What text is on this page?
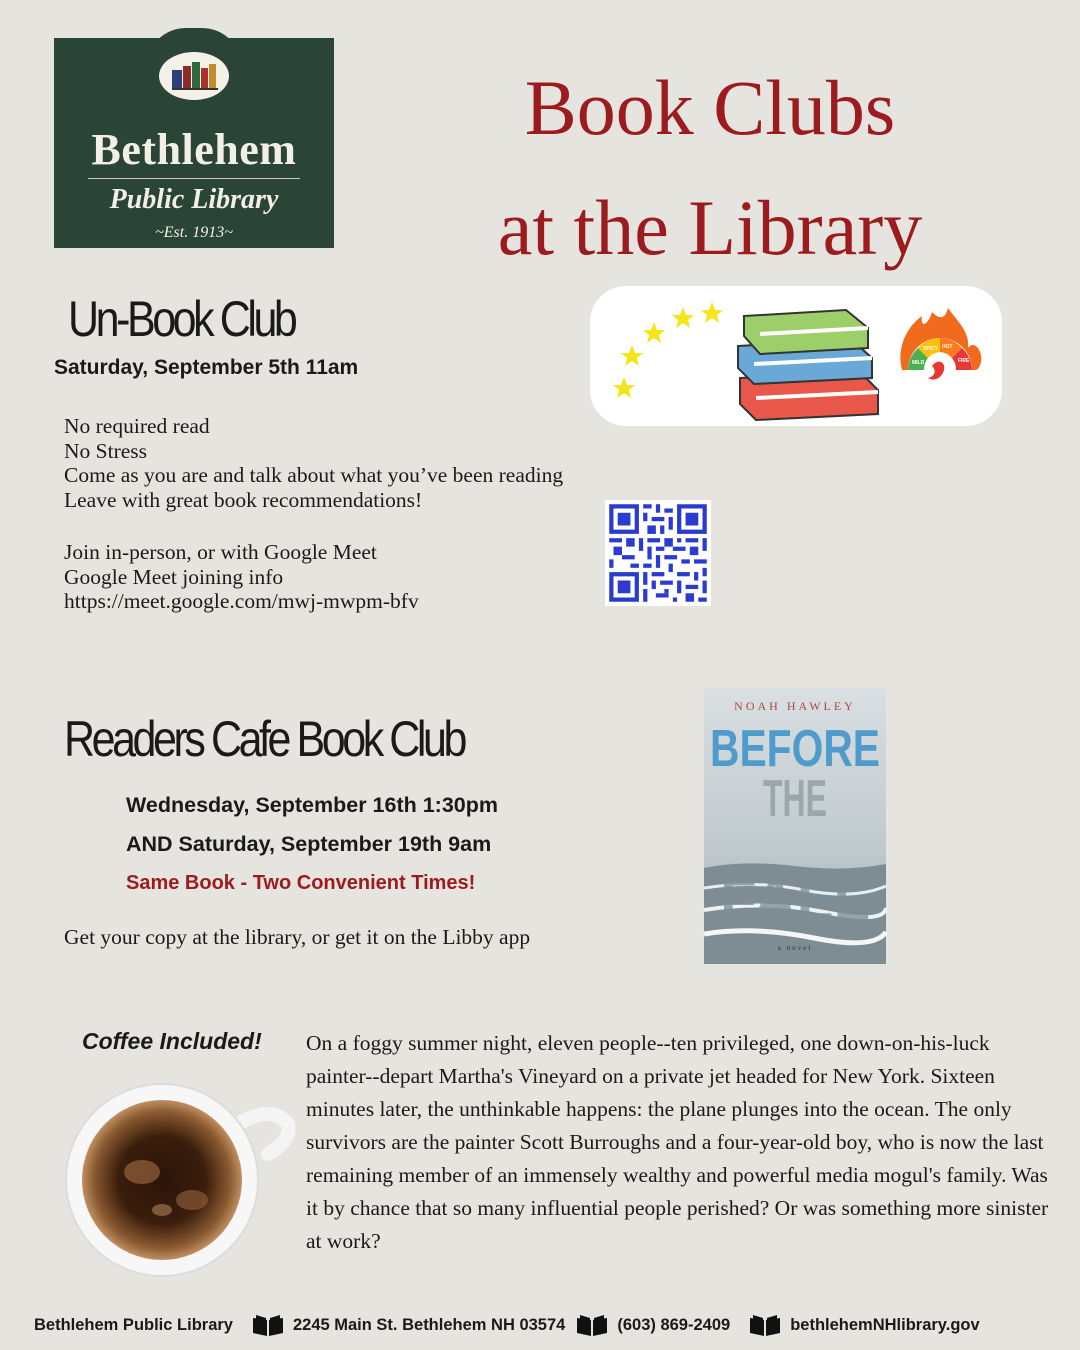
Bethlehem
Public Library
~​Est. 1913​~
Book Clubs
at the Library
Un-Book Club
Saturday, September 5th 11am
No required read
No Stress
Come as you are and talk about what you’ve been reading
Leave with great book recommendations!
Join in-person, or with Google Meet
Google Meet joining info
https://meet.google.com/mwj-mwpm-bfv
MILD
SPICY HOT
FIRE
Readers Cafe Book Club
Wednesday, September 16th 1:30pm
AND Saturday, September 19th 9am
Same Book - Two Convenient Times!
Get your copy at the library, or get it on the Libby app
NOAH HAWLEY
BEFORE
THE
FALL
a novel
Coffee Included! On a foggy summer night, eleven people--ten privileged, one down-on-his-luck painter--depart Martha's Vineyard on a private jet headed for New York. Sixteen minutes later, the unthinkable happens: the plane plunges into the ocean. The only survivors are the painter Scott Burroughs and a four-year-old boy, who is now the last remaining member of an immensely wealthy and powerful media mogul's family. Was it by chance that so many influential people perished? Or was something more sinister at work?
Bethlehem Public Library	2245 Main St. Bethlehem NH 03574	(603) 869-2409	bethlehemNHlibrary.gov
